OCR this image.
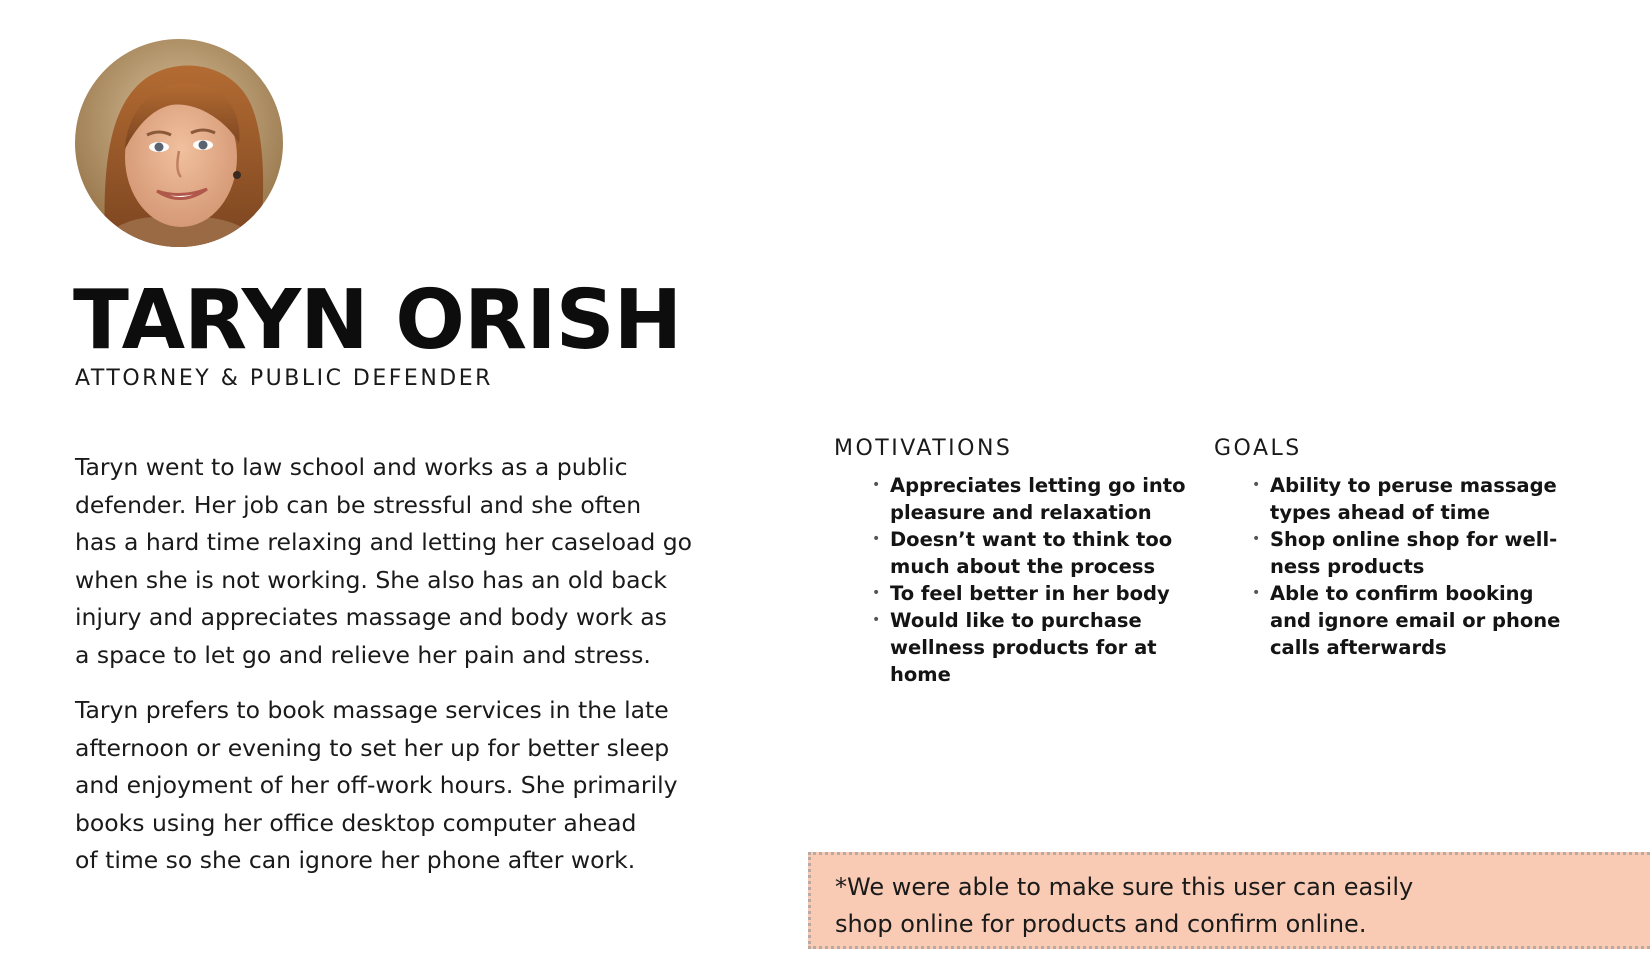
TARYN ORISH
ATTORNEY & PUBLIC DEFENDER

Taryn went to law school and works as a public
defender. Her job can be stressful and she often
has a hard time relaxing and letting her caseload go
when she is not working. She also has an old back
injury and appreciates massage and body work as
a space to let go and relieve her pain and stress.

Taryn prefers to book massage services in the late
afternoon or evening to set her up for better sleep
and enjoyment of her off-work hours. She primarily
books using her office desktop computer ahead
of time so she can ignore her phone after work.

MOTIVATIONS
• Appreciates letting go into
pleasure and relaxation
• Doesn’t want to think too
much about the process
• To feel better in her body
• Would like to purchase
wellness products for at
home
GOALS
• Ability to peruse massage
types ahead of time
• Shop online shop for well-
ness products
• Able to confirm booking
and ignore email or phone
calls afterwards

*We were able to make sure this user can easily
shop online for products and confirm online.
